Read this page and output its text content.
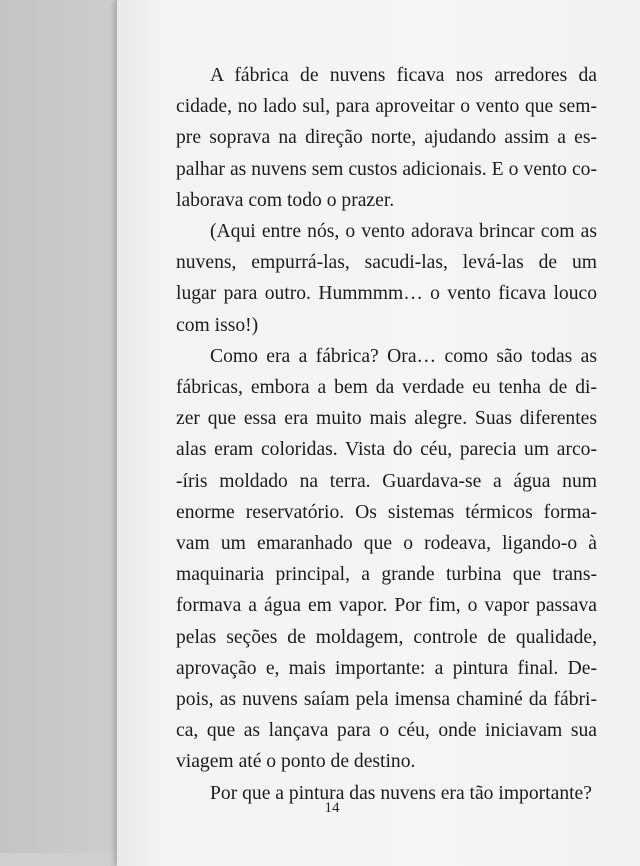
A fábrica de nuvens ficava nos arredores da
cidade, no lado sul, para aproveitar o vento que sem-
pre soprava na direção norte, ajudando assim a es-
palhar as nuvens sem custos adicionais. E o vento co-
laborava com todo o prazer.
(Aqui entre nós, o vento adorava brincar com as
nuvens, empurrá-las, sacudi-las, levá-las de um
lugar para outro. Hummmm… o vento ficava louco
com isso!)
Como era a fábrica? Ora… como são todas as
fábricas, embora a bem da verdade eu tenha de di-
zer que essa era muito mais alegre. Suas diferentes
alas eram coloridas. Vista do céu, parecia um arco-
-íris moldado na terra. Guardava-se a água num
enorme reservatório. Os sistemas térmicos forma-
vam um emaranhado que o rodeava, ligando-o à
maquinaria principal, a grande turbina que trans-
formava a água em vapor. Por fim, o vapor passava
pelas seções de moldagem, controle de qualidade,
aprovação e, mais importante: a pintura final. De-
pois, as nuvens saíam pela imensa chaminé da fábri-
ca, que as lançava para o céu, onde iniciavam sua
viagem até o ponto de destino.
Por que a pintura das nuvens era tão importante?
14
